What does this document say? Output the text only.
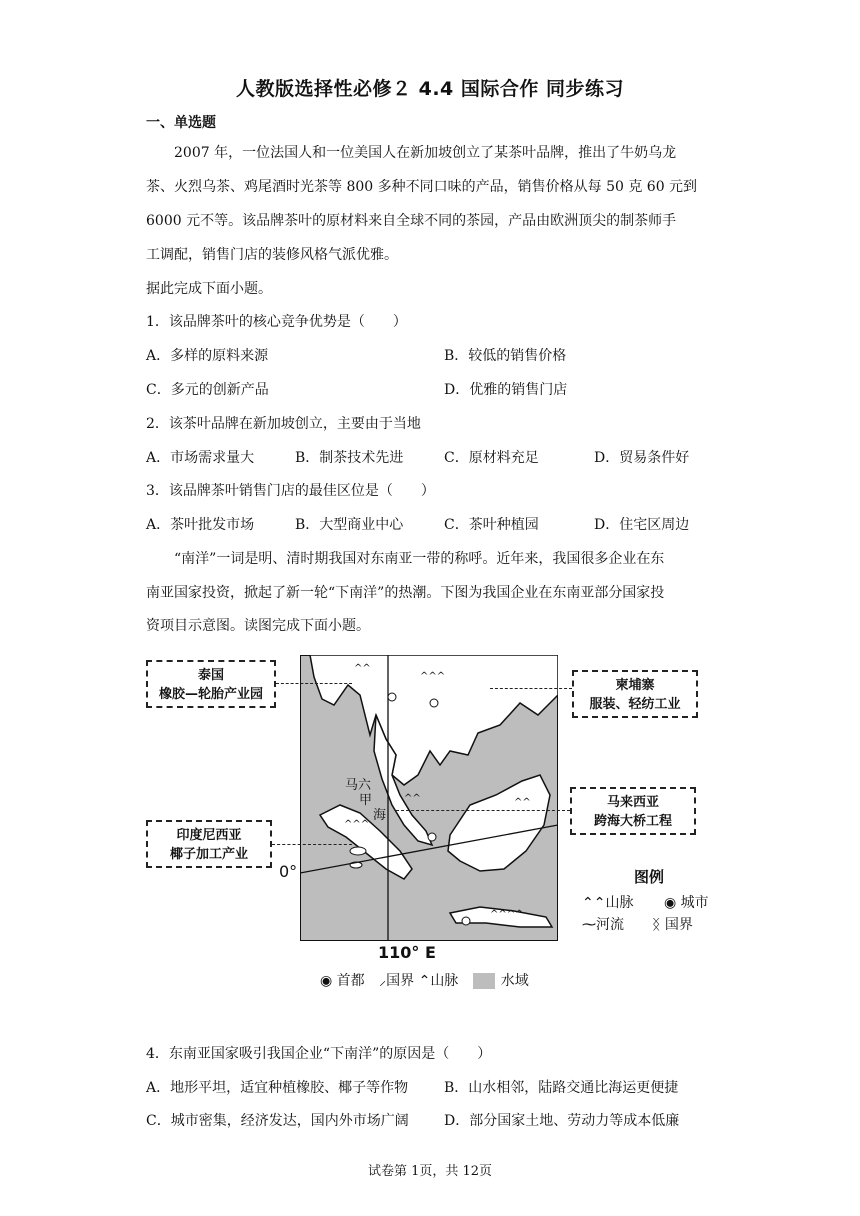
人教版选择性必修２ 4.4 国际合作 同步练习
一、单选题
2007 年，一位法国人和一位美国人在新加坡创立了某茶叶品牌，推出了牛奶乌龙
茶、火烈乌茶、鸡尾酒时光茶等 800 多种不同口味的产品，销售价格从每 50 克 60 元到
6000 元不等。该品牌茶叶的原材料来自全球不同的茶园，产品由欧洲顶尖的制茶师手
工调配，销售门店的装修风格气派优雅。
据此完成下面小题。
1．该品牌茶叶的核心竞争优势是（　　）
A．多样的原料来源	B．较低的销售价格
C．多元的创新产品	D．优雅的销售门店
2．该茶叶品牌在新加坡创立，主要由于当地
A．市场需求量大	B．制茶技术先进	C．原材料充足	D．贸易条件好
3．该品牌茶叶销售门店的最佳区位是（　　）
A．茶叶批发市场	B．大型商业中心	C．茶叶种植园	D．住宅区周边
“南洋”一词是明、清时期我国对东南亚一带的称呼。近年来，我国很多企业在东
南亚国家投资，掀起了新一轮“下南洋”的热潮。下图为我国企业在东南亚部分国家投
资项目示意图。读图完成下面小题。
^^
^^^
^^
^^^
^^
^^^^
马六
甲
海
0°
110° E
泰国
橡胶—轮胎产业园
柬埔寨
服装、轻纺工业
马来西亚
跨海大桥工程
印度尼西亚
椰子加工产业
图例
⌃⌃山脉 ◉ 城市
⁓河流 ᛝ 国界
◉ 首都 ⸝国界 ⌃山脉	水域
4．东南亚国家吸引我国企业“下南洋”的原因是（　　）
A．地形平坦，适宜种植橡胶、椰子等作物	B．山水相邻，陆路交通比海运更便捷
C．城市密集，经济发达，国内外市场广阔	D．部分国家土地、劳动力等成本低廉
试卷第 1页，共 12页
